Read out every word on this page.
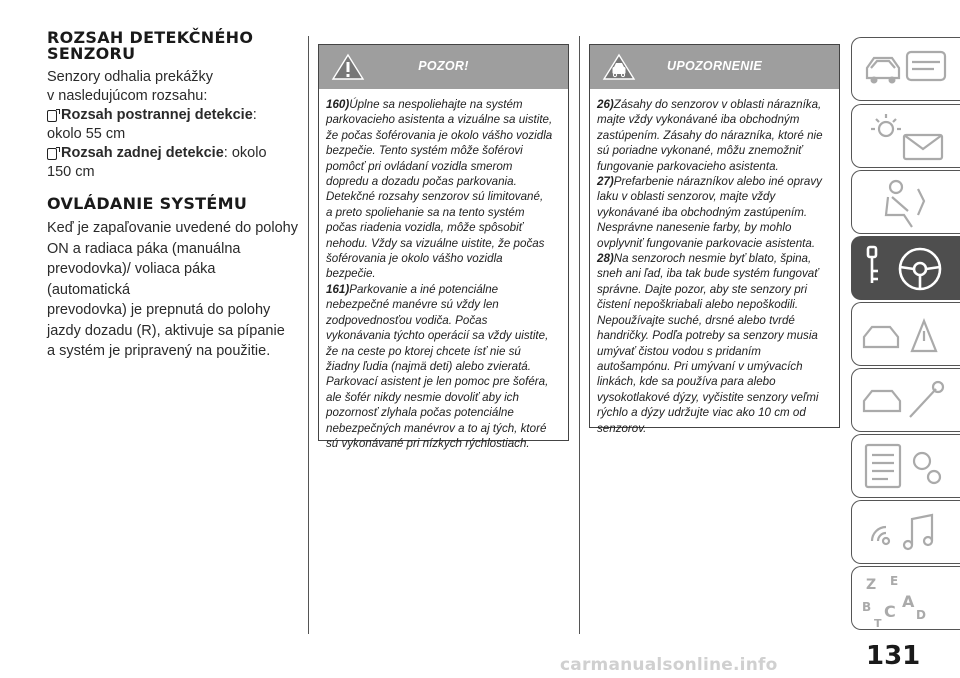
ROZSAH DETEKČNÉHO
SENZORU
Senzory odhalia prekážky
v nasledujúcom rozsahu:
Rozsah postrannej detekcie :
okolo 55 cm
Rozsah zadnej detekcie : okolo
150 cm
OVLÁDANIE SYSTÉMU
Keď je zapaľovanie uvedené do polohy
ON a radiaca páka (manuálna
prevodovka)/ voliaca páka (automatická
prevodovka) je prepnutá do polohy
jazdy dozadu (R), aktivuje sa pípanie
a systém je pripravený na použitie.
POZOR!

160)Úplne sa nespoliehajte na systém

parkovacieho asistenta a vizuálne sa uistite,

že počas šoférovania je okolo vášho vozidla

bezpečie. Tento systém môže šoférovi

pomôcť pri ovládaní vozidla smerom

dopredu a dozadu počas parkovania.

Detekčné rozsahy senzorov sú limitované,

a preto spoliehanie sa na tento systém

počas riadenia vozidla, môže spôsobiť

nehodu. Vždy sa vizuálne uistite, že počas

šoférovania je okolo vášho vozidla

bezpečie.

161)Parkovanie a iné potenciálne

nebezpečné manévre sú vždy len

zodpovednosťou vodiča. Počas

vykonávania týchto operácií sa vždy uistite,

že na ceste po ktorej chcete ísť nie sú

žiadny ľudia (najmä deti) alebo zvieratá.

Parkovací asistent je len pomoc pre šoféra,

ale šofér nikdy nesmie dovoliť aby ich

pozornosť zlyhala počas potenciálne

nebezpečných manévrov a to aj tých, ktoré

sú vykonávané pri nízkych rýchlostiach.

UPOZORNENIE

26)Zásahy do senzorov v oblasti nárazníka,

majte vždy vykonávané iba obchodným

zastúpením. Zásahy do nárazníka, ktoré nie

sú poriadne vykonané, môžu znemožniť

fungovanie parkovacieho asistenta.

27)Prefarbenie nárazníkov alebo iné opravy

laku v oblasti senzorov, majte vždy

vykonávané iba obchodným zastúpením.

Nesprávne nanesenie farby, by mohlo

ovplyvniť fungovanie parkovacie asistenta.

28)Na senzoroch nesmie byť blato, špina,

sneh ani ľad, iba tak bude systém fungovať

správne. Dajte pozor, aby ste senzory pri

čistení nepoškriabali alebo nepoškodili.

Nepoužívajte suché, drsné alebo tvrdé

handričky. Podľa potreby sa senzory musia

umývať čistou vodou s pridaním

autošampónu. Pri umývaní v umývacích

linkách, kde sa používa para alebo

vysokotlakové dýzy, vyčistite senzory veľmi

rýchlo a dýzy udržujte viac ako 10 cm od

senzorov.

Z E
B C
A
D
T
131
carmanualsonline.info
